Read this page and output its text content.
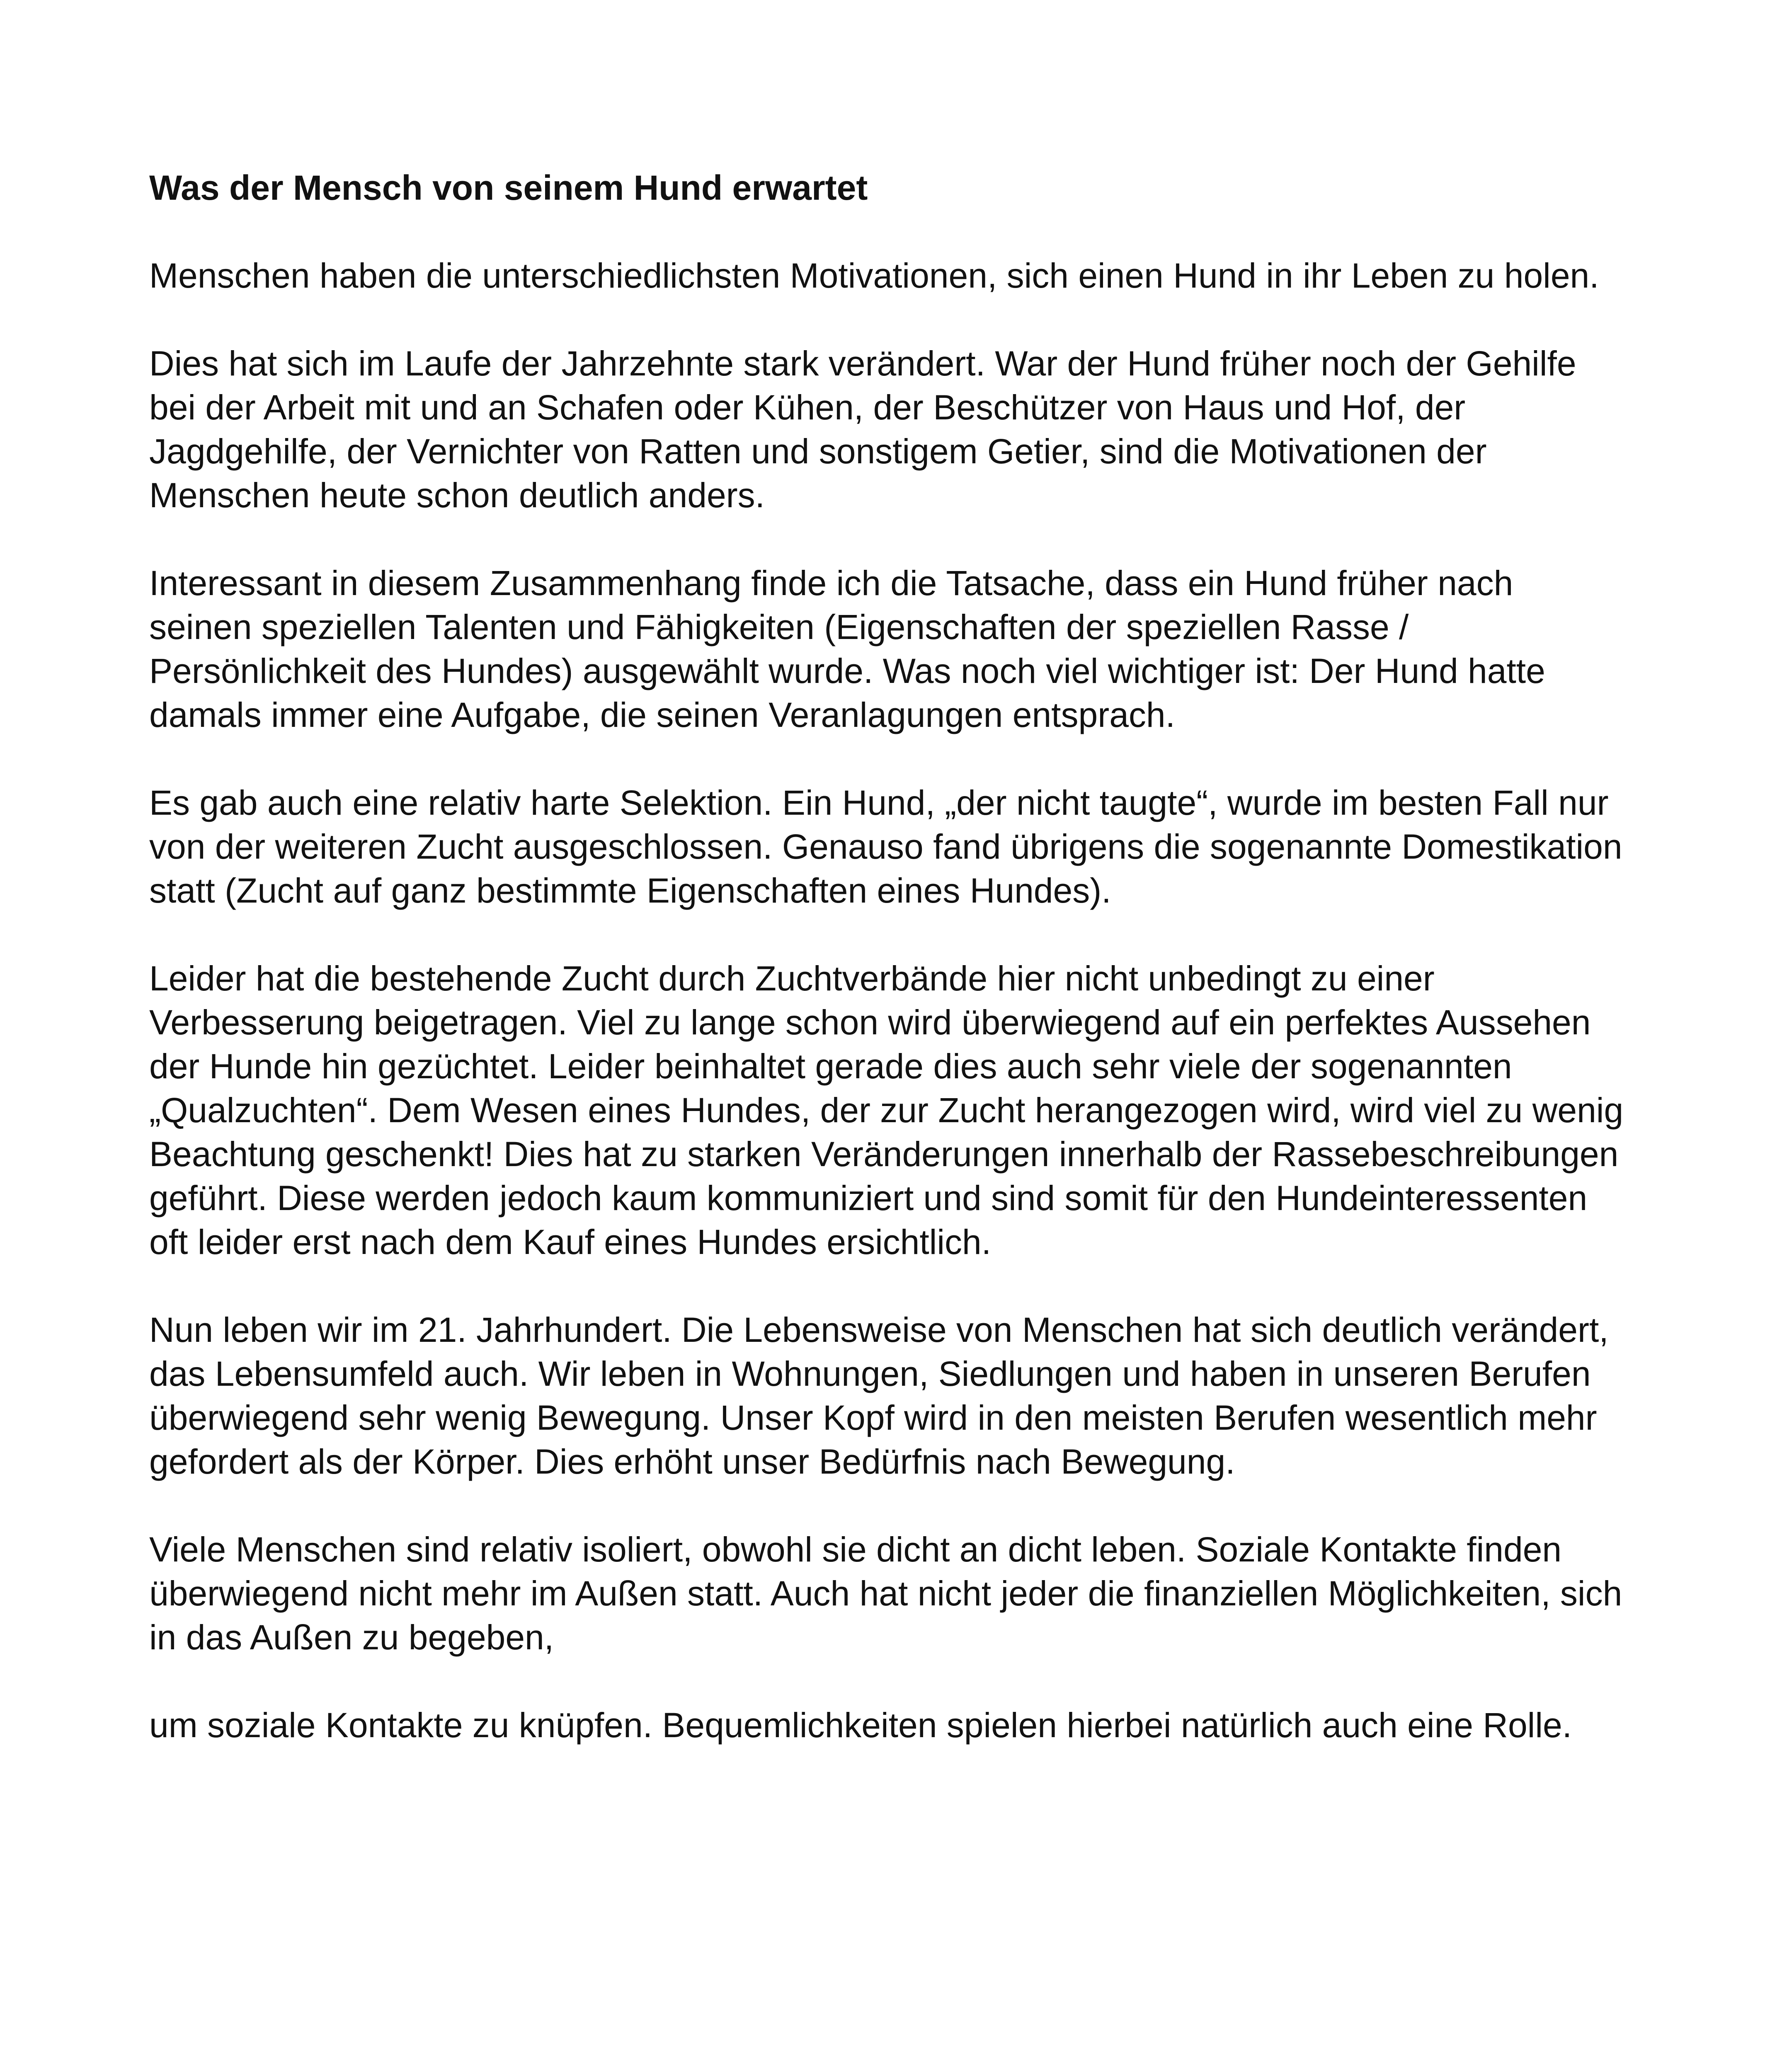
Was der Mensch von seinem Hund erwartet
Menschen haben die unterschiedlichsten Motivationen, sich einen Hund in ihr Leben zu holen.
Dies hat sich im Laufe der Jahrzehnte stark verändert. War der Hund früher noch der Gehilfe bei der Arbeit mit und an Schafen oder Kühen, der Beschützer von Haus und Hof, der Jagdgehilfe, der Vernichter von Ratten und sonstigem Getier, sind die Motivationen der Menschen heute schon deutlich anders.
Interessant in diesem Zusammenhang finde ich die Tatsache, dass ein Hund früher nach seinen speziellen Talenten und Fähigkeiten (Eigenschaften der speziellen Rasse / Persönlichkeit des Hundes) ausgewählt wurde. Was noch viel wichtiger ist: Der Hund hatte damals immer eine Aufgabe, die seinen Veranlagungen entsprach.
Es gab auch eine relativ harte Selektion. Ein Hund, „der nicht taugte“, wurde im besten Fall nur von der weiteren Zucht ausgeschlossen. Genauso fand übrigens die sogenannte Domestikation statt (Zucht auf ganz bestimmte Eigenschaften eines Hundes).
Leider hat die bestehende Zucht durch Zuchtverbände hier nicht unbedingt zu einer Verbesserung beigetragen. Viel zu lange schon wird überwiegend auf ein perfektes Aussehen der Hunde hin gezüchtet. Leider beinhaltet gerade dies auch sehr viele der sogenannten „Qualzuchten“. Dem Wesen eines Hundes, der zur Zucht herangezogen wird, wird viel zu wenig Beachtung geschenkt! Dies hat zu starken Veränderungen innerhalb der Rassebeschreibungen geführt. Diese werden jedoch kaum kommuniziert und sind somit für den Hundeinteressenten oft leider erst nach dem Kauf eines Hundes ersichtlich.
Nun leben wir im 21. Jahrhundert. Die Lebensweise von Menschen hat sich deutlich verändert, das Lebensumfeld auch. Wir leben in Wohnungen, Siedlungen und haben in unseren Berufen überwiegend sehr wenig Bewegung. Unser Kopf wird in den meisten Berufen wesentlich mehr gefordert als der Körper. Dies erhöht unser Bedürfnis nach Bewegung.
Viele Menschen sind relativ isoliert, obwohl sie dicht an dicht leben. Soziale Kontakte finden überwiegend nicht mehr im Außen statt. Auch hat nicht jeder die finanziellen Möglichkeiten, sich in das Außen zu begeben,
um soziale Kontakte zu knüpfen. Bequemlichkeiten spielen hierbei natürlich auch eine Rolle.
